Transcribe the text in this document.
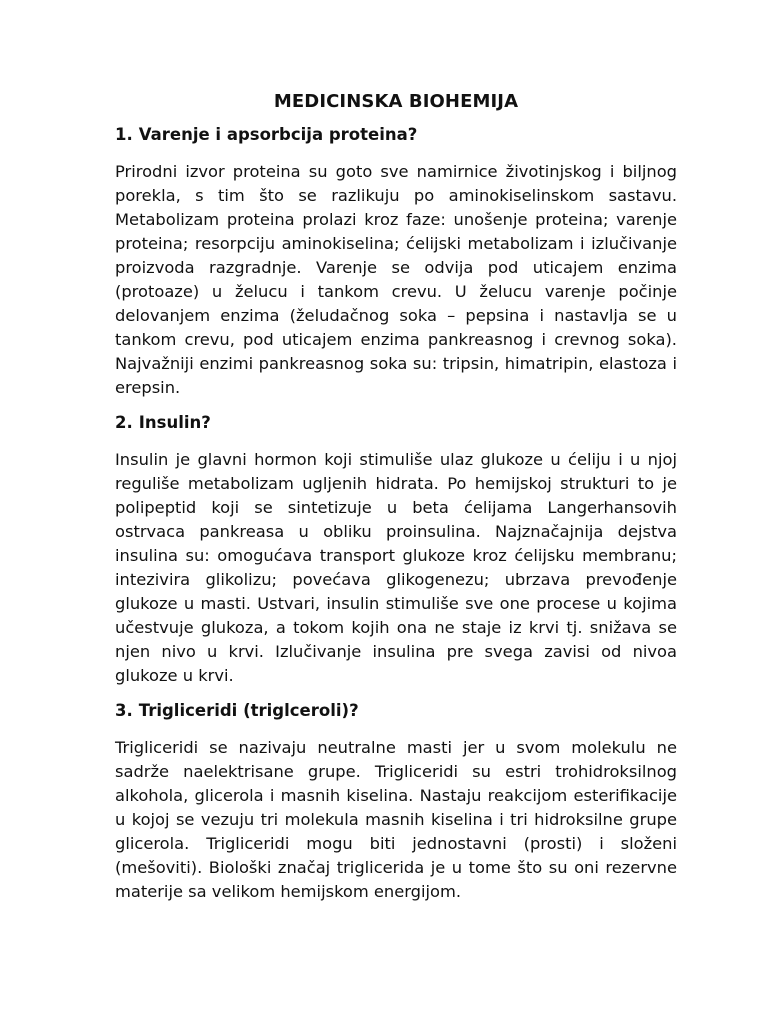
MEDICINSKA BIOHEMIJA
1. Varenje i apsorbcija proteina?

Prirodni izvor proteina su goto sve namirnice životinjskog i biljnog porekla, s tim što se razlikuju po aminokiselinskom sastavu. Metabolizam proteina prolazi kroz faze: unošenje proteina; varenje proteina; resorpciju aminokiselina; ćelijski metabolizam i izlučivanje proizvoda razgradnje. Varenje se odvija pod uticajem enzima (protoaze) u želucu i tankom crevu. U želucu varenje počinje delovanjem enzima (želudačnog soka – pepsina i nastavlja se u tankom crevu, pod uticajem enzima pankreasnog i crevnog soka). Najvažniji enzimi pankreasnog soka su: tripsin, himatripin, elastoza i erepsin.

2. Insulin?

Insulin je glavni hormon koji stimuliše ulaz glukoze u ćeliju i u njoj reguliše metabolizam ugljenih hidrata. Po hemijskoj strukturi to je polipeptid koji se sintetizuje u beta ćelijama Langerhansovih ostrvaca pankreasa u obliku proinsulina. Najznačajnija dejstva insulina su: omogućava transport glukoze kroz ćelijsku membranu; intezivira glikolizu; povećava glikogenezu; ubrzava prevođenje glukoze u masti. Ustvari, insulin stimuliše sve one procese u kojima učestvuje glukoza, a tokom kojih ona ne staje iz krvi tj. snižava se njen nivo u krvi. Izlučivanje insulina pre svega zavisi od nivoa glukoze u krvi.

3. Trigliceridi (triglceroli)?

Trigliceridi se nazivaju neutralne masti jer u svom molekulu ne sadrže naelektrisane grupe. Trigliceridi su estri trohidroksilnog alkohola, glicerola i masnih kiselina. Nastaju reakcijom esterifikacije u kojoj se vezuju tri molekula masnih kiselina i tri hidroksilne grupe glicerola. Trigliceridi mogu biti jednostavni (prosti) i složeni (mešoviti). Biološki značaj triglicerida je u tome što su oni rezervne materije sa velikom hemijskom energijom.
